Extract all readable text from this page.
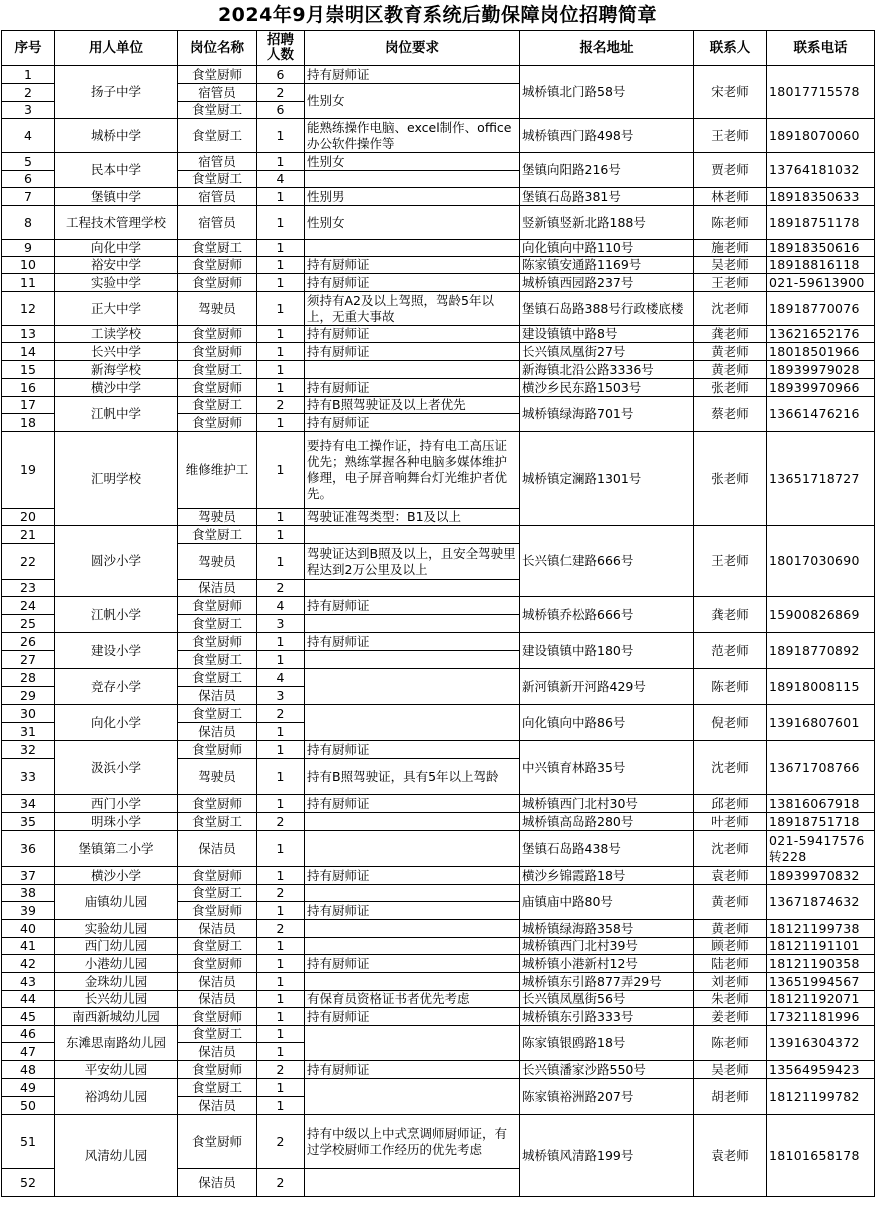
2024年9月崇明区教育系统后勤保障岗位招聘简章
序号	用人单位	岗位名称	招聘人数	岗位要求	报名地址	联系人	联系电话
1	扬子中学	食堂厨师	6	持有厨师证	城桥镇北门路58号	宋老师	18017715578
2		宿管员	2	性别女			
3		食堂厨工	6				
4	城桥中学	食堂厨工	1	能熟练操作电脑、excel制作、office办公软件操作等	城桥镇西门路498号	王老师	18918070060
5	民本中学	宿管员	1	性别女	堡镇向阳路216号	贾老师	13764181032
6		食堂厨工	4				
7	堡镇中学	宿管员	1	性别男	堡镇石岛路381号	林老师	18918350633
8	工程技术管理学校	宿管员	1	性别女	竖新镇竖新北路188号	陈老师	18918751178
9	向化中学	食堂厨工	1		向化镇向中路110号	施老师	18918350616
10	裕安中学	食堂厨师	1	持有厨师证	陈家镇安通路1169号	吴老师	18918816118
11	实验中学	食堂厨师	1	持有厨师证	城桥镇西园路237号	王老师	021-59613900
12	正大中学	驾驶员	1	须持有A2及以上驾照，驾龄5年以上，无重大事故	堡镇石岛路388号行政楼底楼	沈老师	18918770076
13	工读学校	食堂厨师	1	持有厨师证	建设镇镇中路8号	龚老师	13621652176
14	长兴中学	食堂厨师	1	持有厨师证	长兴镇凤凰街27号	黄老师	18018501966
15	新海学校	食堂厨工	1		新海镇北沿公路3336号	黄老师	18939979028
16	横沙中学	食堂厨师	1	持有厨师证	横沙乡民东路1503号	张老师	18939970966
17	江帆中学	食堂厨工	2	持有B照驾驶证及以上者优先	城桥镇绿海路701号	蔡老师	13661476216
18		食堂厨师	1	持有厨师证			
19	汇明学校	维修维护工	1	要持有电工操作证，持有电工高压证优先；熟练掌握各种电脑多媒体维护修理，电子屏音响舞台灯光维护者优先。	城桥镇定澜路1301号	张老师	13651718727
20		驾驶员	1	驾驶证准驾类型：B1及以上			
21	圆沙小学	食堂厨工	1		长兴镇仁建路666号	王老师	18017030690
22		驾驶员	1	驾驶证达到B照及以上，且安全驾驶里程达到2万公里及以上			
23		保洁员	2				
24	江帆小学	食堂厨师	4	持有厨师证	城桥镇乔松路666号	龚老师	15900826869
25		食堂厨工	3				
26	建设小学	食堂厨师	1	持有厨师证	建设镇镇中路180号	范老师	18918770892
27		食堂厨工	1				
28	竞存小学	食堂厨工	4		新河镇新开河路429号	陈老师	18918008115
29		保洁员	3				
30	向化小学	食堂厨工	2		向化镇向中路86号	倪老师	13916807601
31		保洁员	1				
32	汲浜小学	食堂厨师	1	持有厨师证	中兴镇育林路35号	沈老师	13671708766
33		驾驶员	1	持有B照驾驶证，具有5年以上驾龄			
34	西门小学	食堂厨师	1	持有厨师证	城桥镇西门北村30号	邱老师	13816067918
35	明珠小学	食堂厨工	2		城桥镇高岛路280号	叶老师	18918751718
36	堡镇第二小学	保洁员	1		堡镇石岛路438号	沈老师	021-59417576转228
37	横沙小学	食堂厨师	1	持有厨师证	横沙乡锦霞路18号	袁老师	18939970832
38	庙镇幼儿园	食堂厨工	2		庙镇庙中路80号	黄老师	13671874632
39		食堂厨师	1	持有厨师证			
40	实验幼儿园	保洁员	2		城桥镇绿海路358号	黄老师	18121199738
41	西门幼儿园	食堂厨工	1		城桥镇西门北村39号	顾老师	18121191101
42	小港幼儿园	食堂厨师	1	持有厨师证	城桥镇小港新村12号	陆老师	18121190358
43	金珠幼儿园	保洁员	1		城桥镇东引路877弄29号	刘老师	13651994567
44	长兴幼儿园	保洁员	1	有保育员资格证书者优先考虑	长兴镇凤凰街56号	朱老师	18121192071
45	南西新城幼儿园	食堂厨师	1	持有厨师证	城桥镇东引路333号	姜老师	17321181996
46	东滩思南路幼儿园	食堂厨工	1		陈家镇银鸥路18号	陈老师	13916304372
47		保洁员	1				
48	平安幼儿园	食堂厨师	2	持有厨师证	长兴镇潘家沙路550号	吴老师	13564959423
49	裕鸿幼儿园	食堂厨工	1		陈家镇裕洲路207号	胡老师	18121199782
50		保洁员	1				
51	风清幼儿园	食堂厨师	2	持有中级以上中式烹调师厨师证，有过学校厨师工作经历的优先考虑	城桥镇风清路199号	袁老师	18101658178
52		保洁员	2				
